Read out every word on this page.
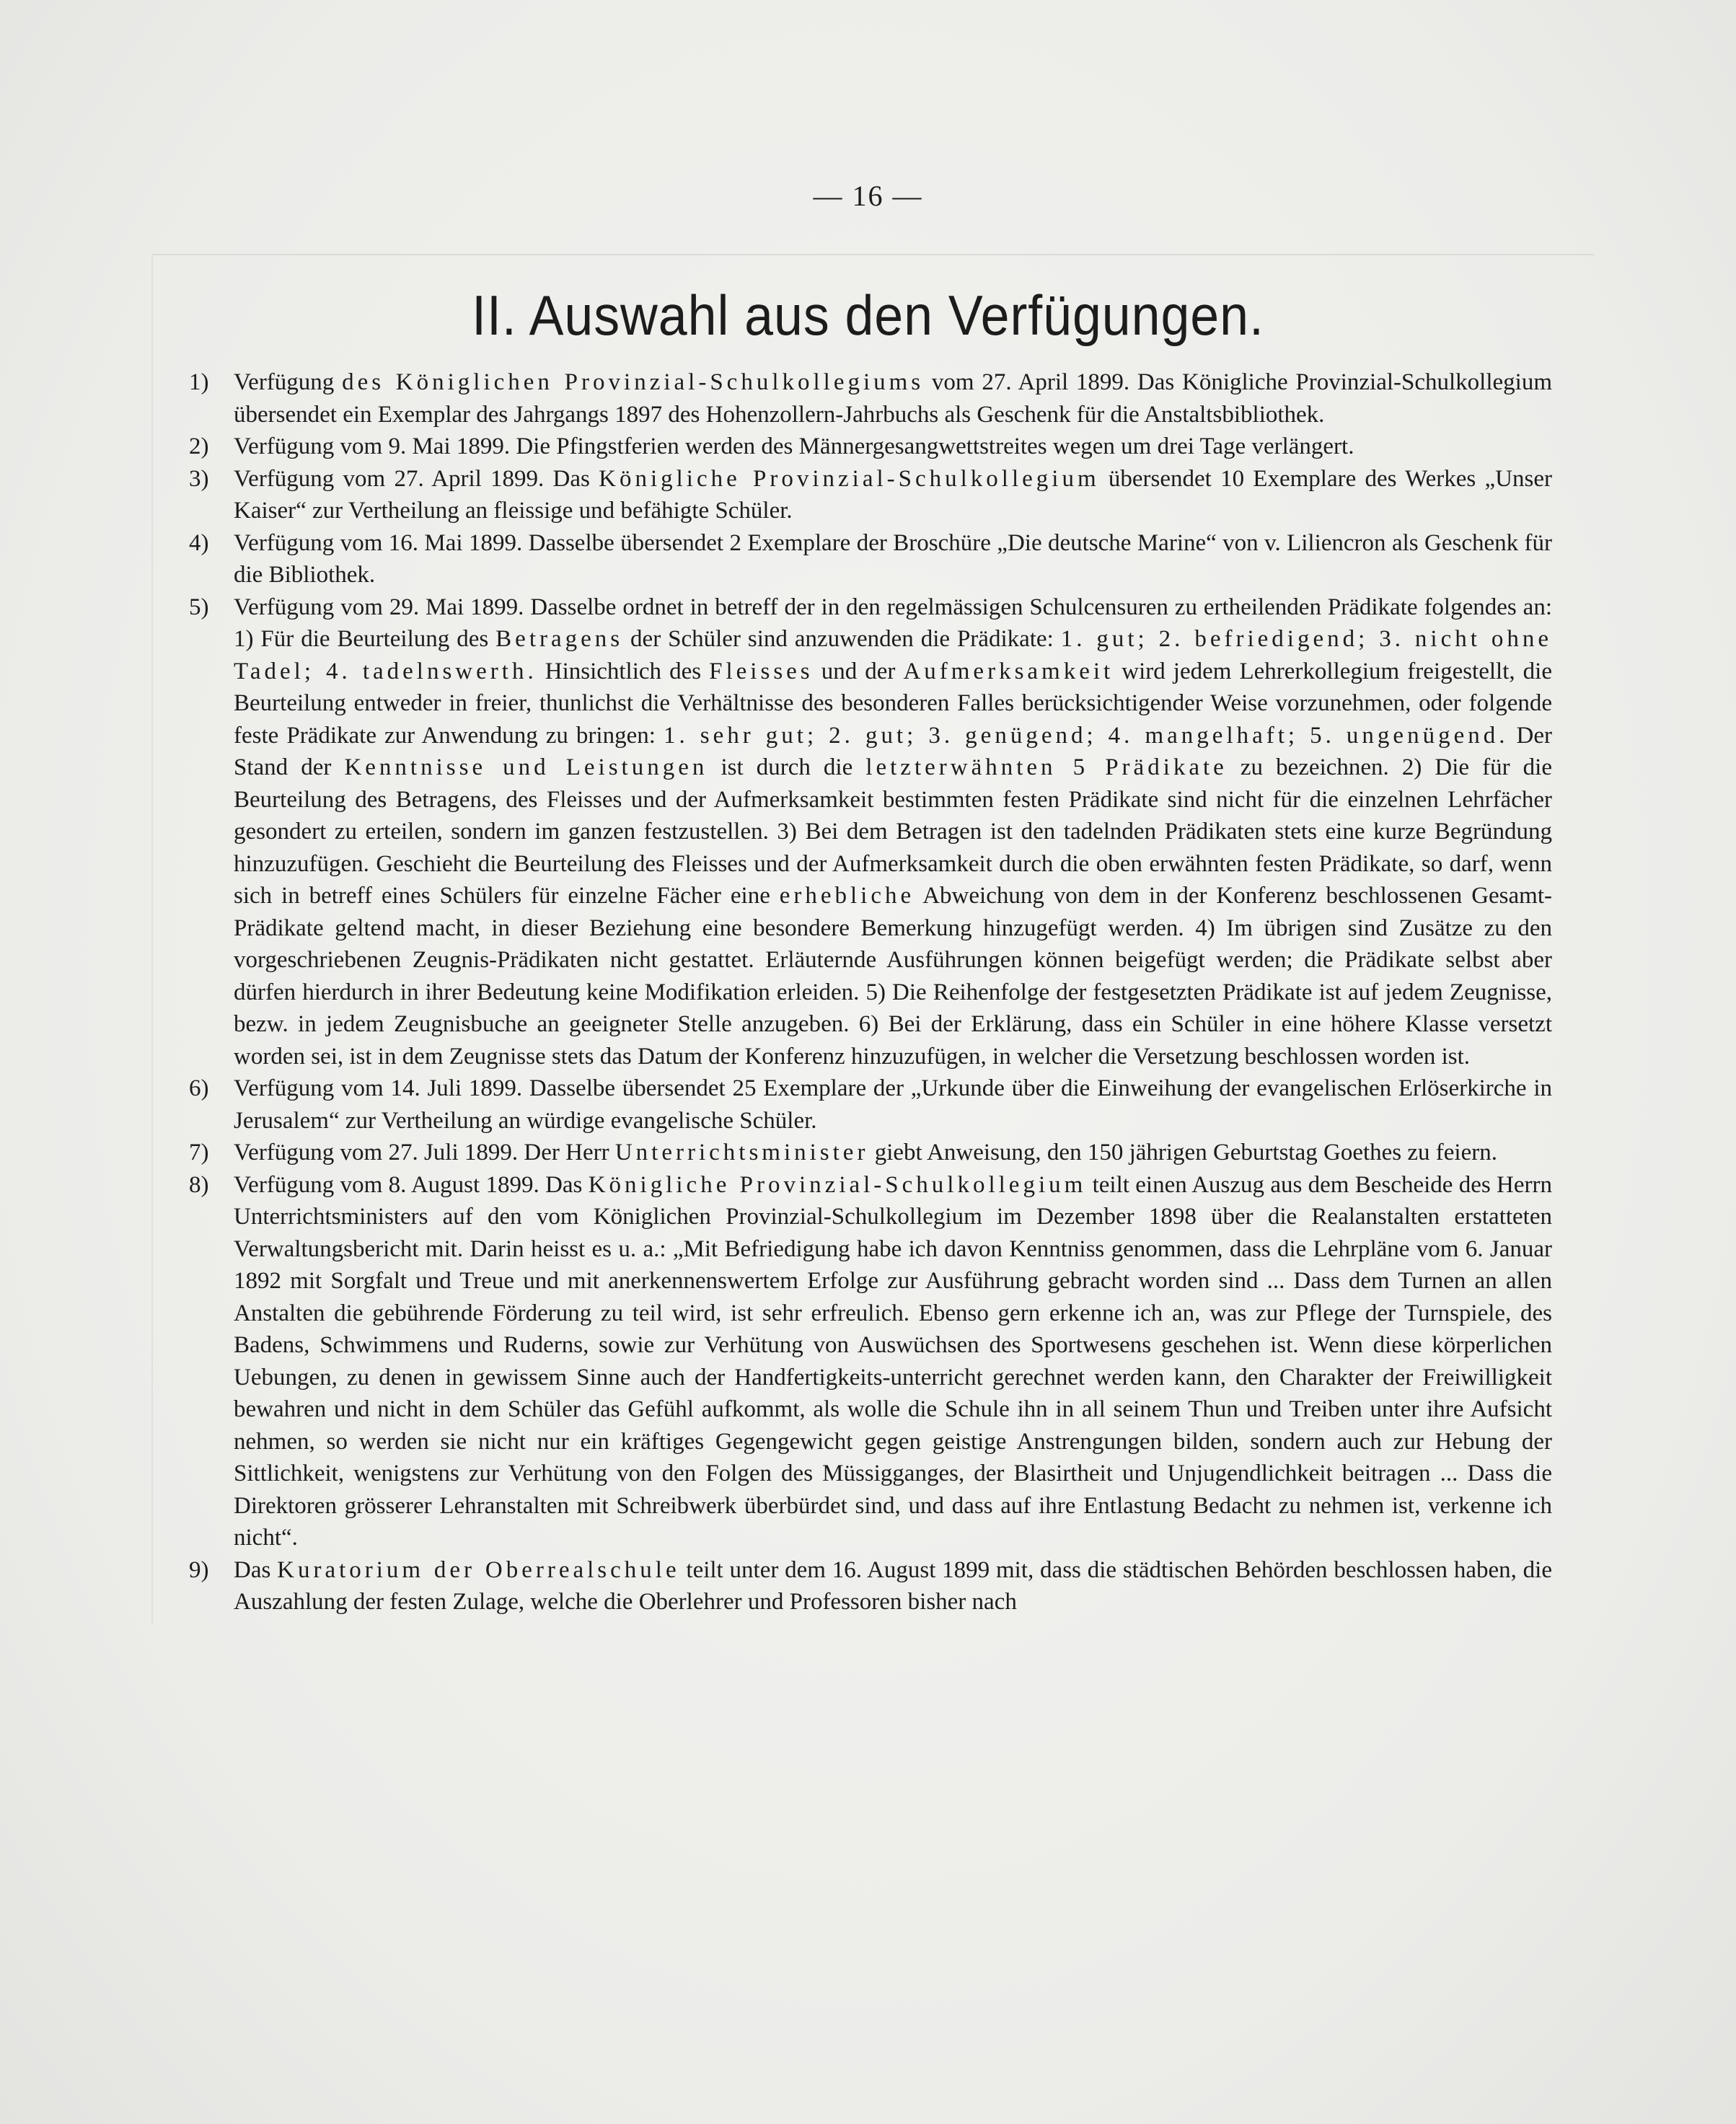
— 16 —
II. Auswahl aus den Verfügungen.

1) Verfügung des Königlichen Provinzial-Schulkollegiums vom 27. April 1899. Das Königliche Provinzial-Schulkollegium übersendet ein Exemplar des Jahrgangs 1897 des Hohenzollern-Jahrbuchs als Geschenk für die Anstaltsbibliothek.

2) Verfügung vom 9. Mai 1899. Die Pfingstferien werden des Männergesangwettstreites wegen um drei Tage verlängert.

3) Verfügung vom 27. April 1899. Das Königliche Provinzial-Schulkollegium übersendet 10 Exemplare des Werkes „Unser Kaiser“ zur Vertheilung an fleissige und befähigte Schüler.

4) Verfügung vom 16. Mai 1899. Dasselbe übersendet 2 Exemplare der Broschüre „Die deutsche Marine“ von v. Liliencron als Geschenk für die Bibliothek.

5) Verfügung vom 29. Mai 1899. Dasselbe ordnet in betreff der in den regelmässigen Schulcensuren zu ertheilenden Prädikate folgendes an: 1) Für die Beurteilung des Betragens der Schüler sind anzuwenden die Prädikate: 1. gut; 2. befriedigend; 3. nicht ohne Tadel; 4. tadelnswerth. Hinsichtlich des Fleisses und der Aufmerksamkeit wird jedem Lehrerkollegium freigestellt, die Beurteilung entweder in freier, thunlichst die Verhältnisse des besonderen Falles berücksichtigender Weise vorzunehmen, oder folgende feste Prädikate zur Anwendung zu bringen: 1. sehr gut; 2. gut; 3. genügend; 4. mangelhaft; 5. ungenügend. Der Stand der Kenntnisse und Leistungen ist durch die letzterwähnten 5 Prädikate zu bezeichnen. 2) Die für die Beurteilung des Betragens, des Fleisses und der Aufmerksamkeit bestimmten festen Prädikate sind nicht für die einzelnen Lehrfächer gesondert zu erteilen, sondern im ganzen festzustellen. 3) Bei dem Betragen ist den tadelnden Prädikaten stets eine kurze Begründung hinzuzufügen. Geschieht die Beurteilung des Fleisses und der Aufmerksamkeit durch die oben erwähnten festen Prädikate, so darf, wenn sich in betreff eines Schülers für einzelne Fächer eine erhebliche Abweichung von dem in der Konferenz beschlossenen Gesamt-Prädikate geltend macht, in dieser Beziehung eine besondere Bemerkung hinzugefügt werden. 4) Im übrigen sind Zusätze zu den vorgeschriebenen Zeugnis-Prädikaten nicht gestattet. Erläuternde Ausführungen können beigefügt werden; die Prädikate selbst aber dürfen hierdurch in ihrer Bedeutung keine Modifikation erleiden. 5) Die Reihenfolge der festgesetzten Prädikate ist auf jedem Zeugnisse, bezw. in jedem Zeugnisbuche an geeigneter Stelle anzugeben. 6) Bei der Erklärung, dass ein Schüler in eine höhere Klasse versetzt worden sei, ist in dem Zeugnisse stets das Datum der Konferenz hinzuzufügen, in welcher die Versetzung beschlossen worden ist.

6) Verfügung vom 14. Juli 1899. Dasselbe übersendet 25 Exemplare der „Urkunde über die Einweihung der evangelischen Erlöserkirche in Jerusalem“ zur Vertheilung an würdige evangelische Schüler.

7) Verfügung vom 27. Juli 1899. Der Herr Unterrichtsminister giebt Anweisung, den 150 jährigen Geburtstag Goethes zu feiern.

8) Verfügung vom 8. August 1899. Das Königliche Provinzial-Schulkollegium teilt einen Auszug aus dem Bescheide des Herrn Unterrichtsministers auf den vom Königlichen Provinzial-Schulkollegium im Dezember 1898 über die Realanstalten erstatteten Verwaltungsbericht mit. Darin heisst es u. a.: „Mit Befriedigung habe ich davon Kenntniss genommen, dass die Lehrpläne vom 6. Januar 1892 mit Sorgfalt und Treue und mit anerkennenswertem Erfolge zur Ausführung gebracht worden sind ... Dass dem Turnen an allen Anstalten die gebührende Förderung zu teil wird, ist sehr erfreulich. Ebenso gern erkenne ich an, was zur Pflege der Turnspiele, des Badens, Schwimmens und Ruderns, sowie zur Verhütung von Auswüchsen des Sportwesens geschehen ist. Wenn diese körperlichen Uebungen, zu denen in gewissem Sinne auch der Handfertigkeits-unterricht gerechnet werden kann, den Charakter der Freiwilligkeit bewahren und nicht in dem Schüler das Gefühl aufkommt, als wolle die Schule ihn in all seinem Thun und Treiben unter ihre Aufsicht nehmen, so werden sie nicht nur ein kräftiges Gegengewicht gegen geistige Anstrengungen bilden, sondern auch zur Hebung der Sittlichkeit, wenigstens zur Verhütung von den Folgen des Müssigganges, der Blasirtheit und Unjugendlichkeit beitragen ... Dass die Direktoren grösserer Lehranstalten mit Schreibwerk überbürdet sind, und dass auf ihre Entlastung Bedacht zu nehmen ist, verkenne ich nicht“.

9) Das Kuratorium der Oberrealschule teilt unter dem 16. August 1899 mit, dass die städtischen Behörden beschlossen haben, die Auszahlung der festen Zulage, welche die Oberlehrer und Professoren bisher nach
